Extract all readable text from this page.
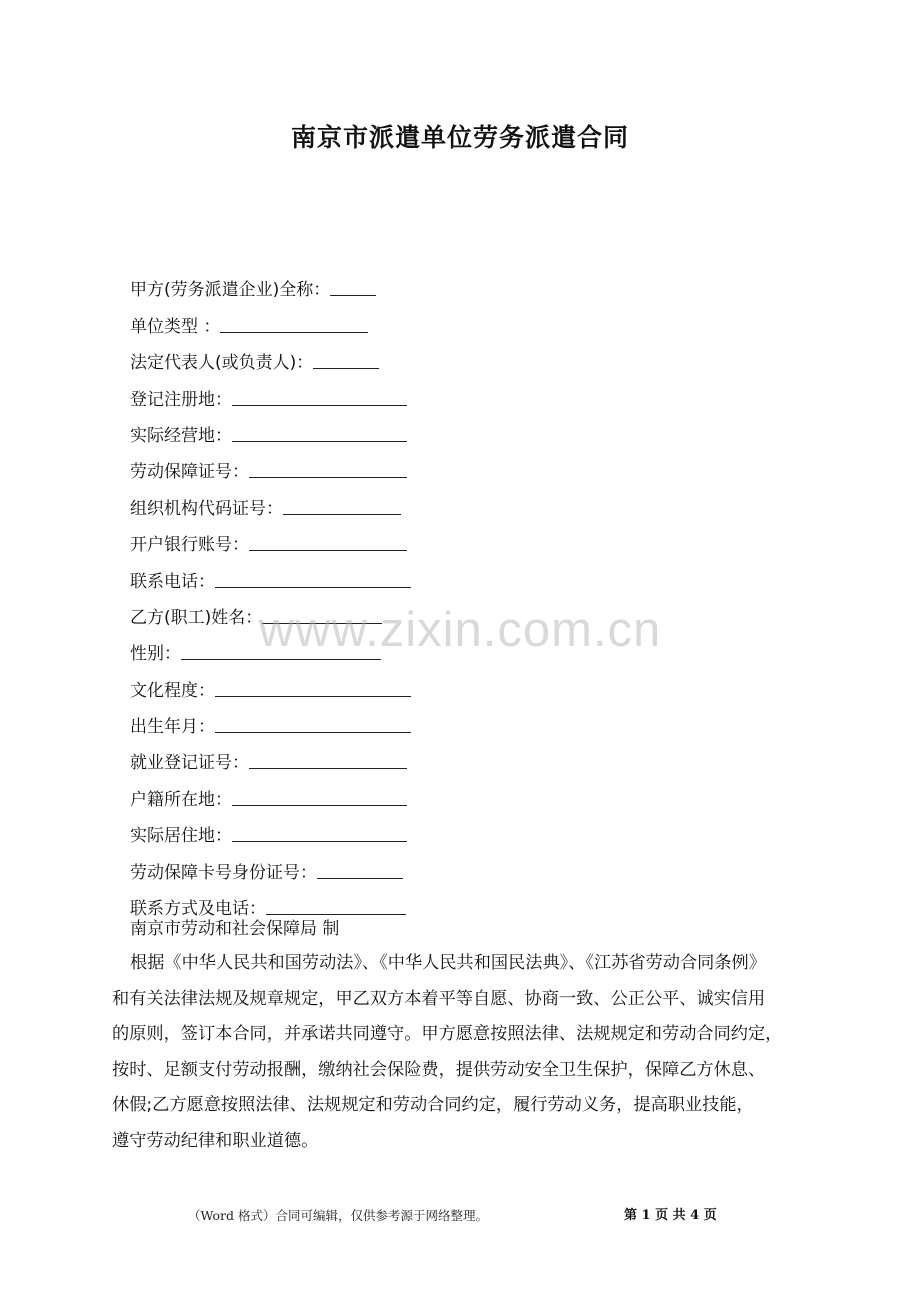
南京市派遣单位劳务派遣合同
甲方(劳务派遣企业)全称：
单位类型 ：
法定代表人(或负责人)：
登记注册地：
实际经营地：
劳动保障证号：
组织机构代码证号：
开户银行账号：
联系电话：
乙方(职工)姓名：
性别：
文化程度：
出生年月：
就业登记证号：
户籍所在地：
实际居住地：
劳动保障卡号身份证号：
联系方式及电话：
南京市劳动和社会保障局 制
根据《中华人民共和国劳动法》、《中华人民共和国民法典》、《江苏省劳动合同条例》
和有关法律法规及规章规定，甲乙双方本着平等自愿、协商一致、公正公平、诚实信用
的原则，签订本合同，并承诺共同遵守。甲方愿意按照法律、法规规定和劳动合同约定，
按时、足额支付劳动报酬，缴纳社会保险费，提供劳动安全卫生保护，保障乙方休息、
休假;乙方愿意按照法律、法规规定和劳动合同约定，履行劳动义务，提高职业技能，
遵守劳动纪律和职业道德。
www.zixin.com.cn
（Word 格式）合同可编辑，仅供参考源于网络整理。	第 1 页 共 4 页
